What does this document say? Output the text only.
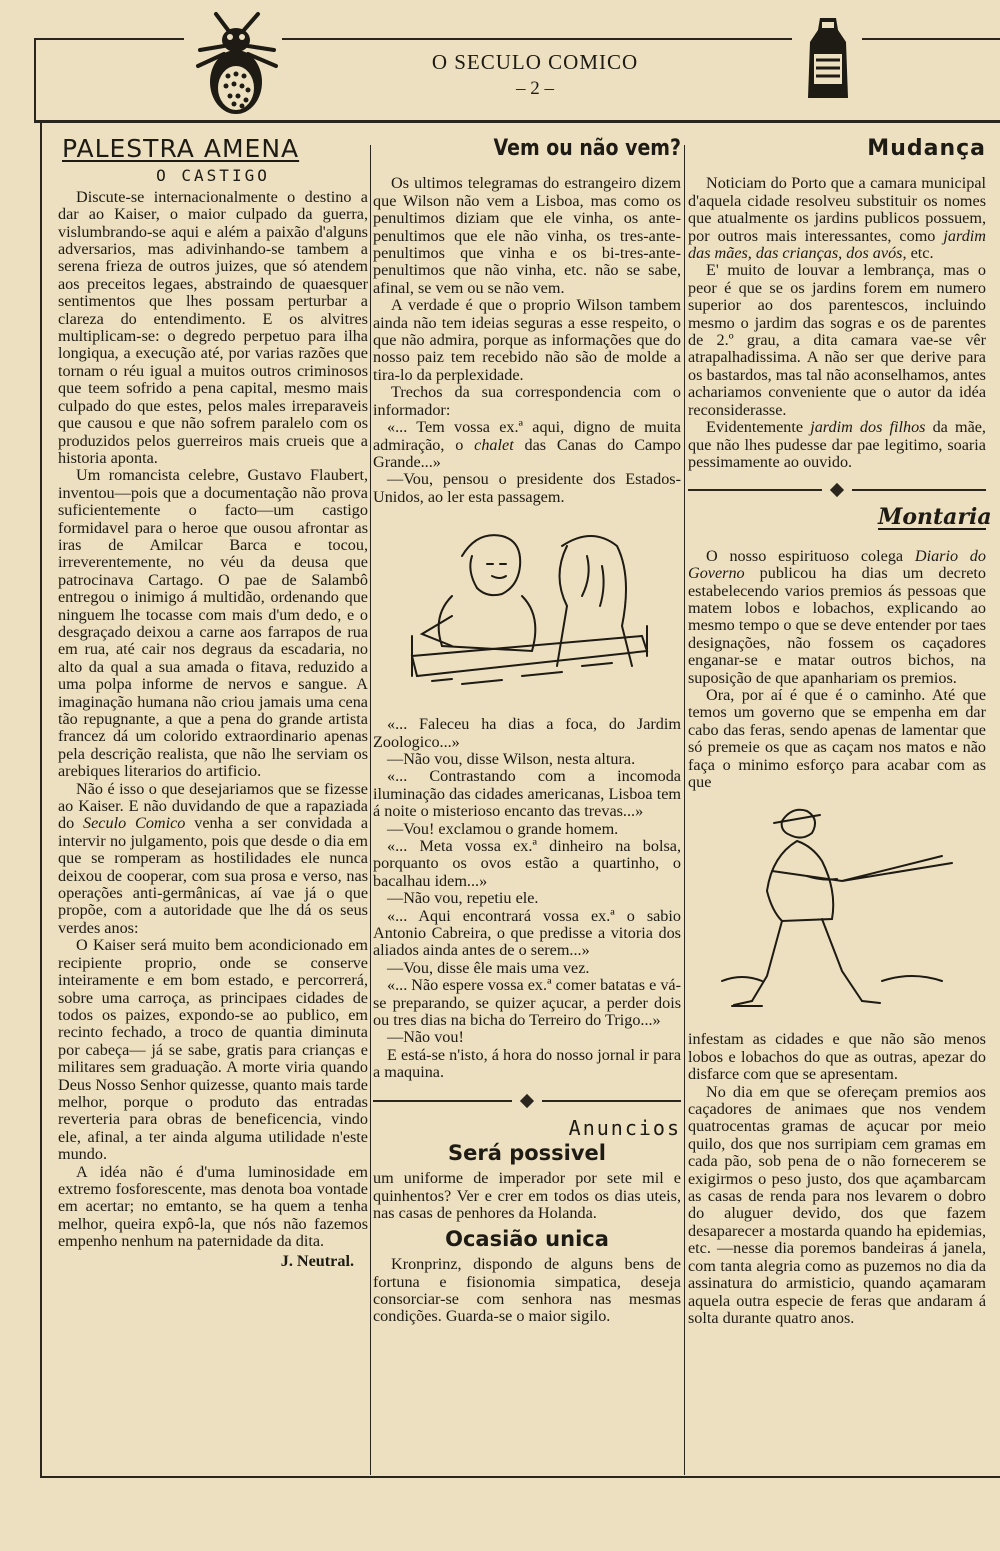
O SECULO COMICO
– 2 –
PALESTRA AMENA
O CASTIGO

Discute-se internacionalmente o destino a dar ao Kaiser, o maior culpado da guerra, vislumbrando-se aqui e além a paixão d'alguns adversarios, mas adivinhando-se tambem a serena frieza de outros juizes, que só atendem aos preceitos legaes, abstraindo de quaesquer sentimentos que lhes possam perturbar a clareza do entendimento. E os alvitres multiplicam-se: o degredo perpetuo para ilha longiqua, a execução até, por varias razões que tornam o réu igual a muitos outros criminosos que teem sofrido a pena capital, mesmo mais culpado do que estes, pelos males irreparaveis que causou e que não sofrem paralelo com os produzidos pelos guerreiros mais crueis que a historia aponta.

Um romancista celebre, Gustavo Flaubert, inventou—pois que a documentação não prova suficientemente o facto—um castigo formidavel para o heroe que ousou afrontar as iras de Amilcar Barca e tocou, irreverentemente, no véu da deusa que patrocinava Cartago. O pae de Salambô entregou o inimigo á multidão, ordenando que ninguem lhe tocasse com mais d'um dedo, e o desgraçado deixou a carne aos farrapos de rua em rua, até cair nos degraus da escadaria, no alto da qual a sua amada o fitava, reduzido a uma polpa informe de nervos e sangue. A imaginação humana não criou jamais uma cena tão repugnante, a que a pena do grande artista francez dá um colorido extraordinario apenas pela descrição realista, que não lhe serviam os arebiques literarios do artificio.

Não é isso o que desejariamos que se fizesse ao Kaiser. E não duvidando de que a rapaziada do Seculo Comico venha a ser convidada a intervir no julgamento, pois que desde o dia em que se romperam as hostilidades ele nunca deixou de cooperar, com sua prosa e verso, nas operações anti-germânicas, aí vae já o que propõe, com a autoridade que lhe dá os seus verdes anos:

O Kaiser será muito bem acondicionado em recipiente proprio, onde se conserve inteiramente e em bom estado, e percorrerá, sobre uma carroça, as principaes cidades de todos os paizes, expondo-se ao publico, em recinto fechado, a troco de quantia diminuta por cabeça— já se sabe, gratis para crianças e militares sem graduação. A morte viria quando Deus Nosso Senhor quizesse, quanto mais tarde melhor, porque o produto das entradas reverteria para obras de beneficencia, vindo ele, afinal, a ter ainda alguma utilidade n'este mundo.

A idéa não é d'uma luminosidade em extremo fosforescente, mas denota boa vontade em acertar; no emtanto, se ha quem a tenha melhor, queira expô-la, que nós não fazemos empenho nenhum na paternidade da dita.

J. Neutral.
Vem ou não vem?

Os ultimos telegramas do estrangeiro dizem que Wilson não vem a Lisboa, mas como os penultimos diziam que ele vinha, os ante-penultimos que ele não vinha, os tres-ante-penultimos que vinha e os bi-tres-ante-penultimos que não vinha, etc. não se sabe, afinal, se vem ou se não vem.

A verdade é que o proprio Wilson tambem ainda não tem ideias seguras a esse respeito, o que não admira, porque as informações que do nosso paiz tem recebido não são de molde a tira-lo da perplexidade.

Trechos da sua correspondencia com o informador:

«... Tem vossa ex.ª aqui, digno de muita admiração, o chalet das Canas do Campo Grande...»

—Vou, pensou o presidente dos Estados-Unidos, ao ler esta passagem.

«... Faleceu ha dias a foca, do Jardim Zoologico...»

—Não vou, disse Wilson, nesta altura.

«... Contrastando com a incomoda iluminação das cidades americanas, Lisboa tem á noite o misterioso encanto das trevas...»

—Vou! exclamou o grande homem.

«... Meta vossa ex.ª dinheiro na bolsa, porquanto os ovos estão a quartinho, o bacalhau idem...»

—Não vou, repetiu ele.

«... Aqui encontrará vossa ex.ª o sabio Antonio Cabreira, o que predisse a vitoria dos aliados ainda antes de o serem...»

—Vou, disse êle mais uma vez.

«... Não espere vossa ex.ª comer batatas e vá-se preparando, se quizer açucar, a perder dois ou tres dias na bicha do Terreiro do Trigo...»

—Não vou!

E está-se n'isto, á hora do nosso jornal ir para a maquina.

Anuncios
Será possivel

um uniforme de imperador por sete mil e quinhentos? Ver e crer em todos os dias uteis, nas casas de penhores da Holanda.

Ocasião unica

Kronprinz, dispondo de alguns bens de fortuna e fisionomia simpatica, deseja consorciar-se com senhora nas mesmas condições. Guarda-se o maior sigilo.

Mudança

Noticiam do Porto que a camara municipal d'aquela cidade resolveu substituir os nomes que atualmente os jardins publicos possuem, por outros mais interessantes, como jardim das mães, das crianças, dos avós, etc.

E' muito de louvar a lembrança, mas o peor é que se os jardins forem em numero superior ao dos parentescos, incluindo mesmo o jardim das sogras e os de parentes de 2.º grau, a dita camara vae-se vêr atrapalhadissima. A não ser que derive para os bastardos, mas tal não aconselhamos, antes achariamos conveniente que o autor da idéa reconsiderasse.

Evidentemente jardim dos filhos da mãe, que não lhes pudesse dar pae legitimo, soaria pessimamente ao ouvido.

Montaria

O nosso espirituoso colega Diario do Governo publicou ha dias um decreto estabelecendo varios premios ás pessoas que matem lobos e lobachos, explicando ao mesmo tempo o que se deve entender por taes designações, não fossem os caçadores enganar-se e matar outros bichos, na suposição de que apanhariam os premios.

Ora, por aí é que é o caminho. Até que temos um governo que se empenha em dar cabo das feras, sendo apenas de lamentar que só premeie os que as caçam nos matos e não faça o minimo esforço para acabar com as que

infestam as cidades e que não são menos lobos e lobachos do que as outras, apezar do disfarce com que se apresentam.

No dia em que se ofereçam premios aos caçadores de animaes que nos vendem quatrocentas gramas de açucar por meio quilo, dos que nos surripiam cem gramas em cada pão, sob pena de o não fornecerem se exigirmos o peso justo, dos que açambarcam as casas de renda para nos levarem o dobro do aluguer devido, dos que fazem desaparecer a mostarda quando ha epidemias, etc. —nesse dia poremos bandeiras á janela, com tanta alegria como as puzemos no dia da assinatura do armisticio, quando açamaram aquela outra especie de feras que andaram á solta durante quatro anos.
